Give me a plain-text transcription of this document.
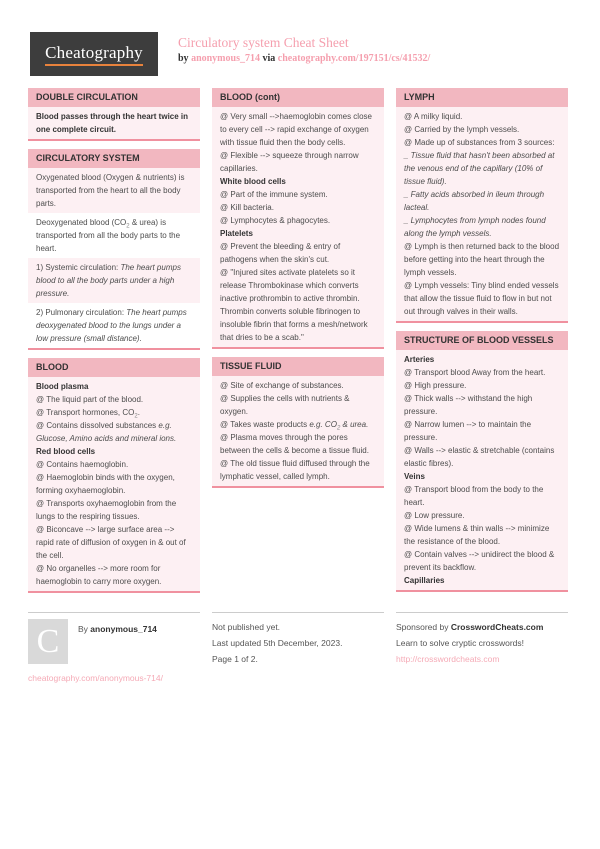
Cheatography	Circulatory system Cheat Sheet
by anonymous_714 via cheatography.com/197151/cs/41532/
DOUBLE CIRCULATION

Blood passes through the heart twice in one complete circuit.

CIRCULATORY SYSTEM

Oxygenated blood (Oxygen & nutrients) is transported from the heart to all the body parts.

Deoxygenated blood ($CO_2$ & urea) is transported from all the body parts to the heart.

1) Systemic circulation: The heart pumps blood to all the body parts under a high pressure.

2) Pulmonary circulation: The heart pumps deoxygenated blood to the lungs under a low pressure (small distance).

BLOOD

Blood plasma

@ The liquid part of the blood.

@ Transport hormones, $CO_2$.

@ Contains dissolved substances e.g. Glucose, Amino acids and mineral ions.

Red blood cells

@ Contains haemoglobin.

@ Haemoglobin binds with the oxygen, forming oxyhaemoglobin.

@ Transports oxyhaemoglobin from the lungs to the respiring tissues.

@ Biconcave --> large surface area --> rapid rate of diffusion of oxygen in & out of the cell.

@ No organelles --> more room for haemoglobin to carry more oxygen.

BLOOD (cont)

@ Very small -->haemoglobin comes close to every cell --> rapid exchange of oxygen with tissue fluid then the body cells.

@ Flexible --> squeeze through narrow capillaries.

White blood cells

@ Part of the immune system.

@ Kill bacteria.

@ Lymphocytes & phagocytes.

Platelets

@ Prevent the bleeding & entry of pathogens when the skin's cut.

@ "Injured sites activate platelets so it release Thrombokinase which converts inactive prothrombin to active thrombin. Thrombin converts soluble fibrinogen to insoluble fibrin that forms a mesh/network that dries to be a scab."

TISSUE FLUID

@ Site of exchange of substances.

@ Supplies the cells with nutrients & oxygen.

@ Takes waste products e.g. $CO_2$ & urea.

@ Plasma moves through the pores between the cells & become a tissue fluid.

@ The old tissue fluid diffused through the lymphatic vessel, called lymph.

LYMPH

@ A milky liquid.

@ Carried by the lymph vessels.

@ Made up of substances from 3 sources:

_ Tissue fluid that hasn't been absorbed at the venous end of the capillary (10% of tissue fluid).

_ Fatty acids absorbed in ileum through lacteal.

_ Lymphocytes from lymph nodes found along the lymph vessels.

@ Lymph is then returned back to the blood before getting into the heart through the lymph vessels.

@ Lymph vessels: Tiny blind ended vessels that allow the tissue fluid to flow in but not out through valves in their walls.

STRUCTURE OF BLOOD VESSELS

Arteries

@ Transport blood Away from the heart.

@ High pressure.

@ Thick walls --> withstand the high pressure.

@ Narrow lumen --> to maintain the pressure.

@ Walls --> elastic & stretchable (contains elastic fibres).

Veins

@ Transport blood from the body to the heart.

@ Low pressure.

@ Wide lumens & thin walls --> minimize the resistance of the blood.

@ Contain valves --> unidirect the blood & prevent its backflow.

Capillaries

C By anonymous_714
cheatography.com/anonymous-714/
Not published yet.
Last updated 5th December, 2023.
Page 1 of 2.
Sponsored by CrosswordCheats.com
Learn to solve cryptic crosswords!
http://crosswordcheats.com
